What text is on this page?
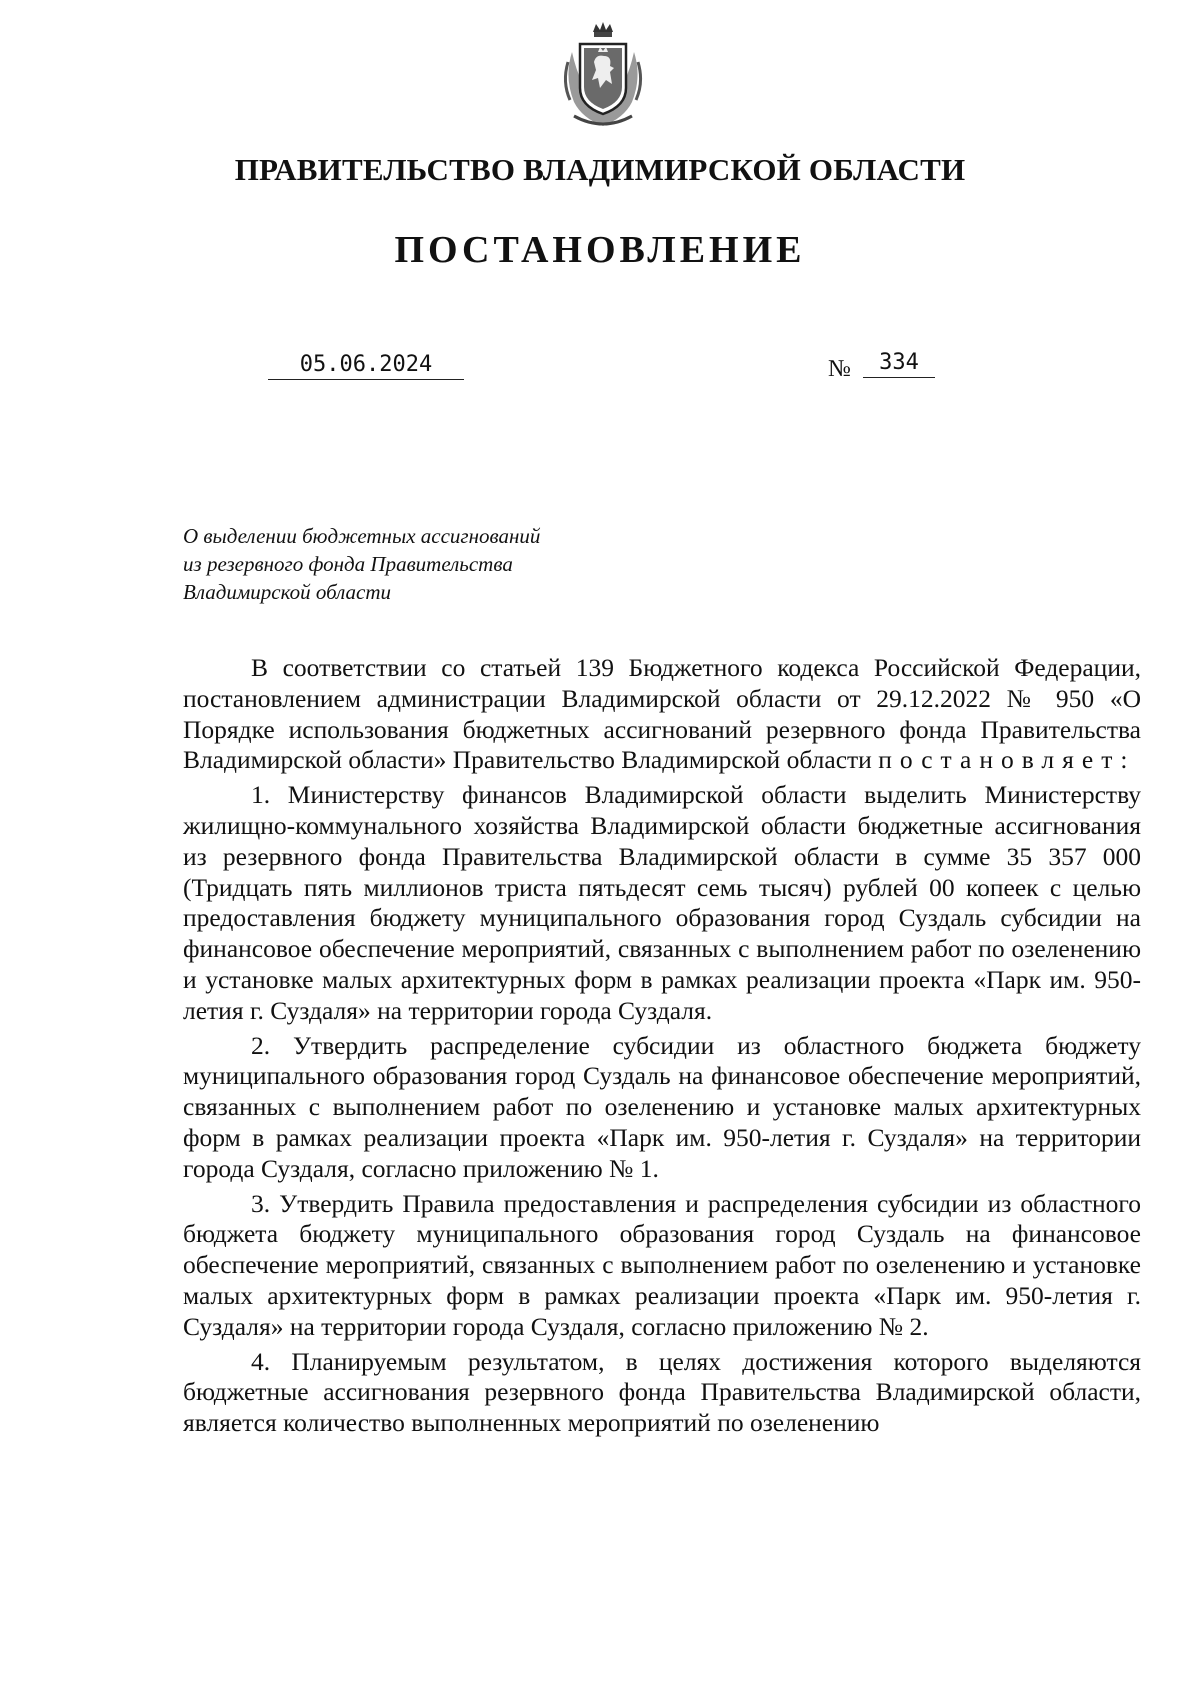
ПРАВИТЕЛЬСТВО ВЛАДИМИРСКОЙ ОБЛАСТИ
ПОСТАНОВЛЕНИЕ
05.06.2024	№	334
О выделении бюджетных ассигнований
из резервного фонда Правительства
Владимирской области

В соответствии со статьей 139 Бюджетного кодекса Российской Федерации, постановлением администрации Владимирской области от 29.12.2022 № 950 «О Порядке использования бюджетных ассигнований резервного фонда Правительства Владимирской области» Правительство Владимирской области постановляет:

1. Министерству финансов Владимирской области выделить Министерству жилищно-коммунального хозяйства Владимирской области бюджетные ассигнования из резервного фонда Правительства Владимирской области в сумме 35 357 000 (Тридцать пять миллионов триста пятьдесят семь тысяч) рублей 00 копеек с целью предоставления бюджету муниципального образования город Суздаль субсидии на финансовое обеспечение мероприятий, связанных с выполнением работ по озеленению и установке малых архитектурных форм в рамках реализации проекта «Парк им. 950-летия г. Суздаля» на территории города Суздаля.

2. Утвердить распределение субсидии из областного бюджета бюджету муниципального образования город Суздаль на финансовое обеспечение мероприятий, связанных с выполнением работ по озеленению и установке малых архитектурных форм в рамках реализации проекта «Парк им. 950-летия г. Суздаля» на территории города Суздаля, согласно приложению № 1.

3. Утвердить Правила предоставления и распределения субсидии из областного бюджета бюджету муниципального образования город Суздаль на финансовое обеспечение мероприятий, связанных с выполнением работ по озеленению и установке малых архитектурных форм в рамках реализации проекта «Парк им. 950-летия г. Суздаля» на территории города Суздаля, согласно приложению № 2.

4. Планируемым результатом, в целях достижения которого выделяются бюджетные ассигнования резервного фонда Правительства Владимирской области, является количество выполненных мероприятий по озеленению
